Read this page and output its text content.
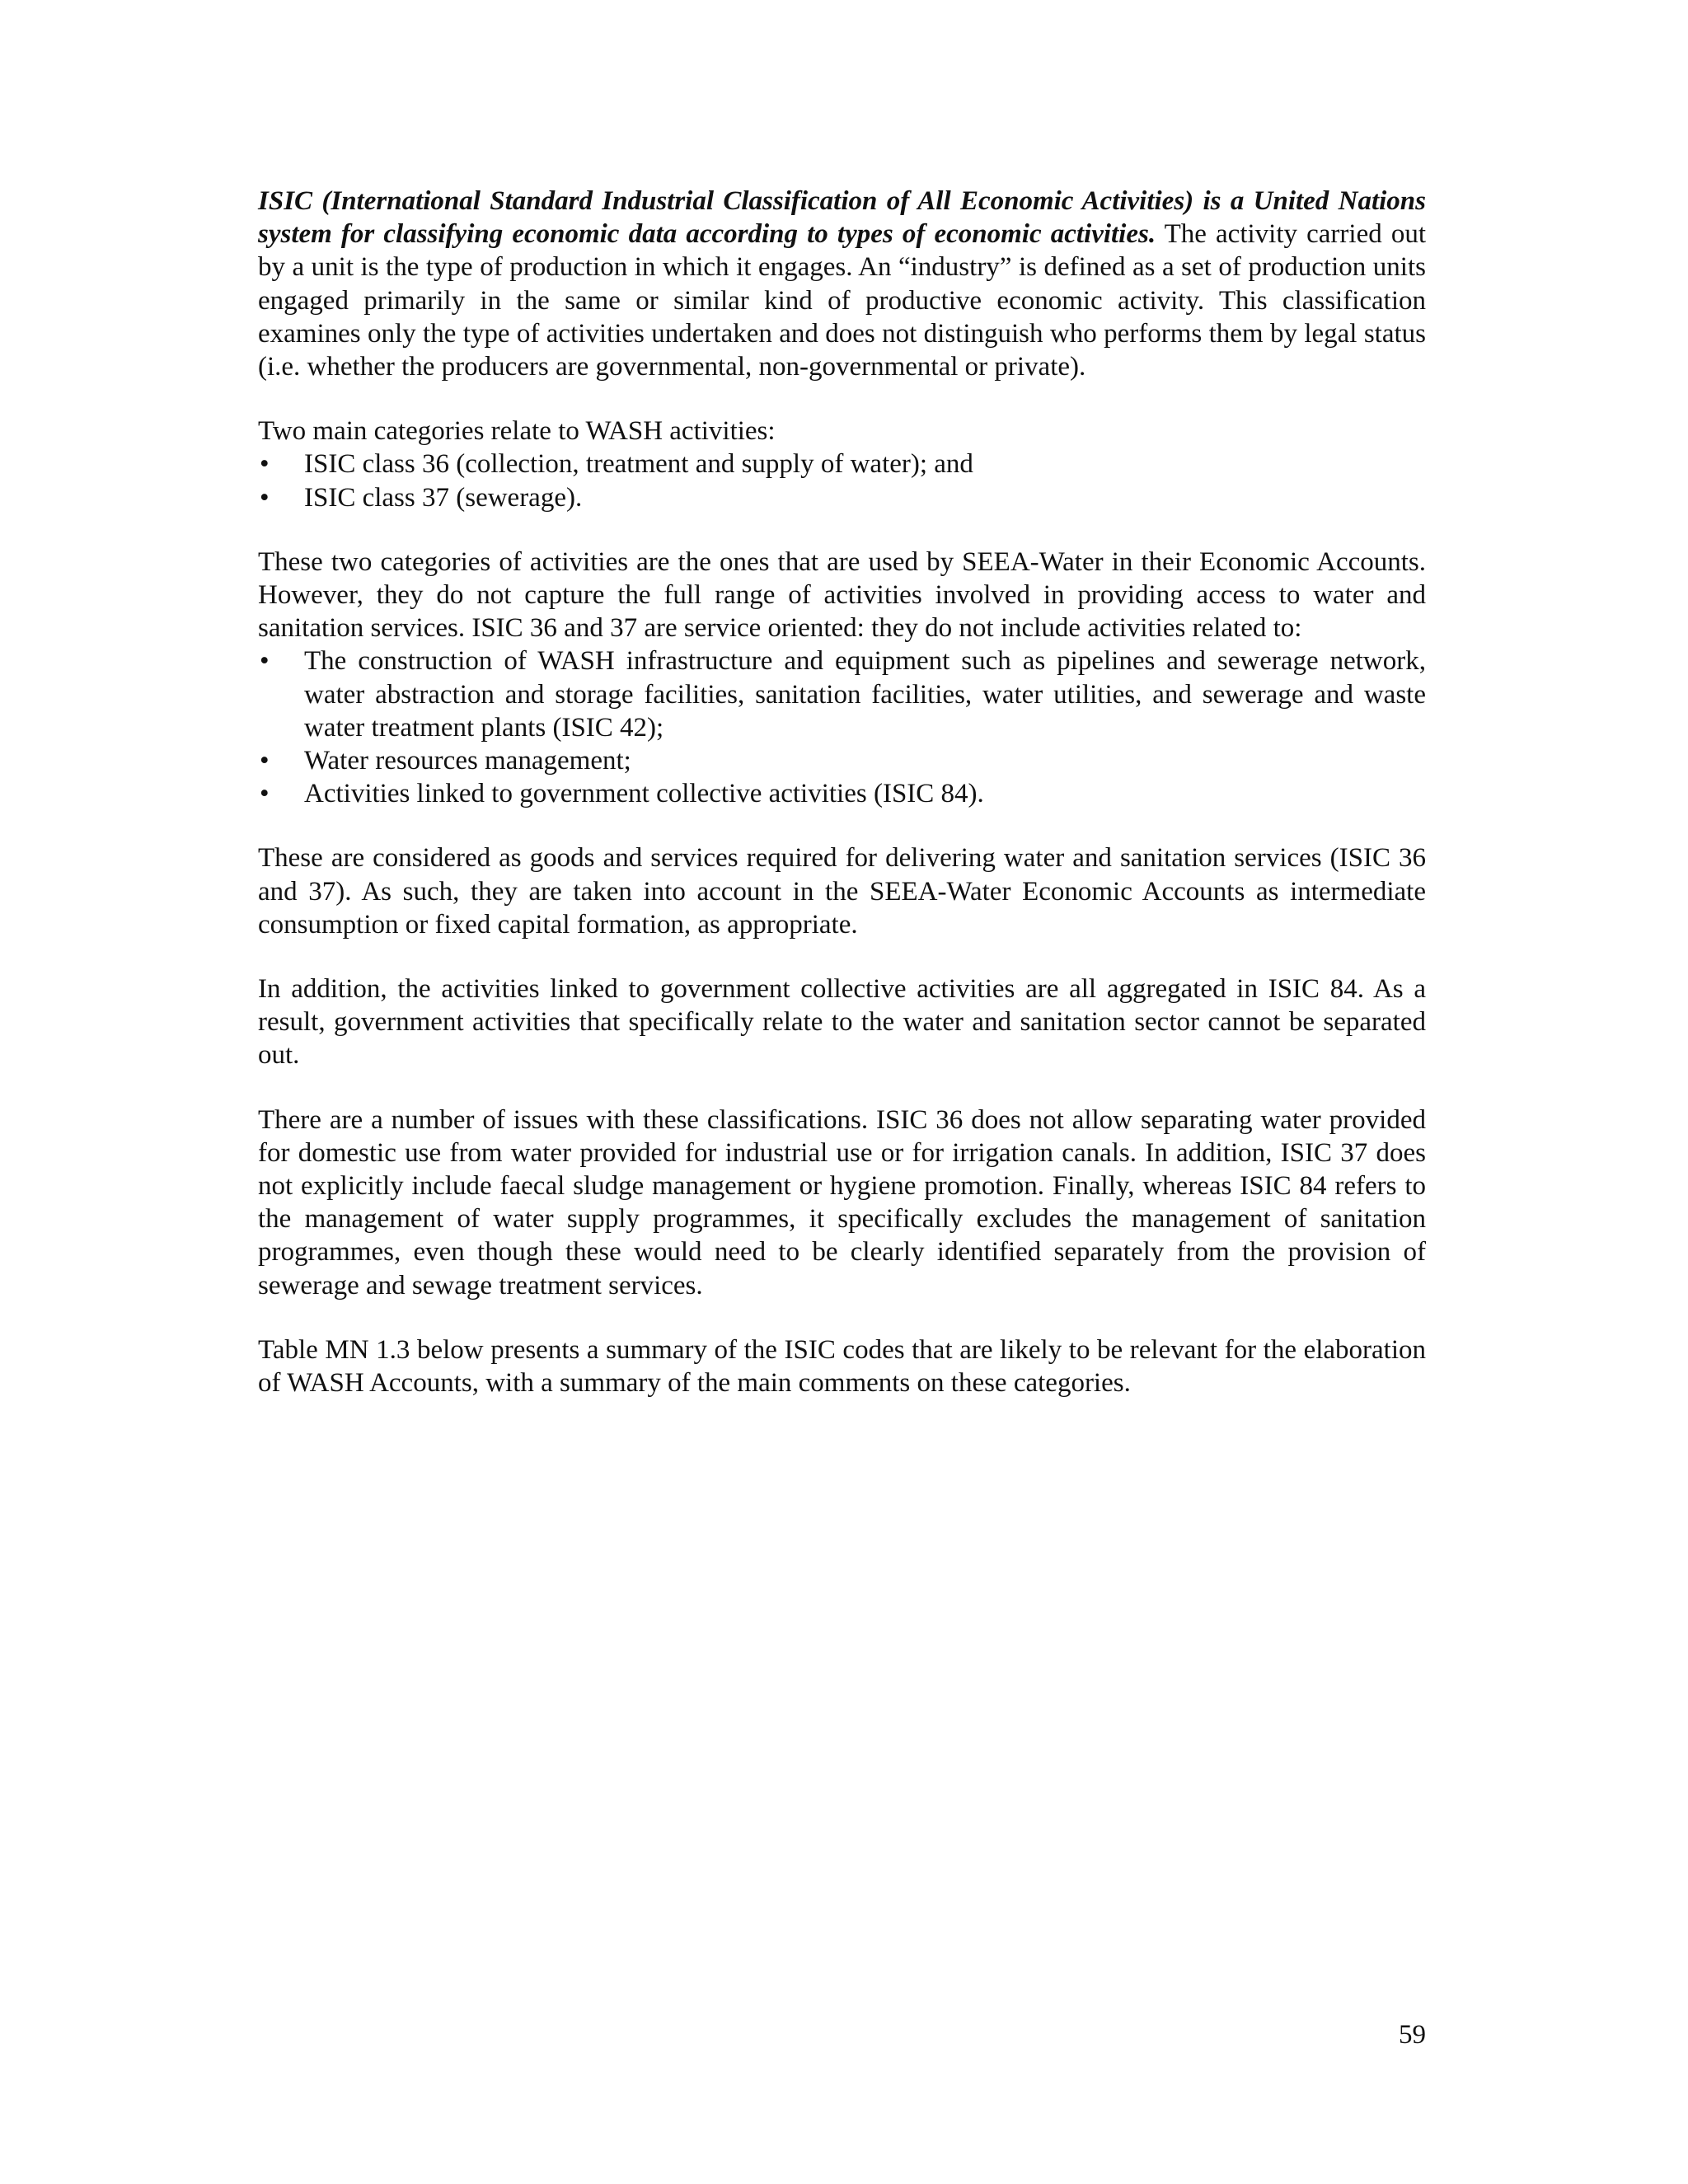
ISIC (International Standard Industrial Classification of All Economic Activities) is a United Nations system for classifying economic data according to types of economic activities. The activity carried out by a unit is the type of production in which it engages. An “industry” is defined as a set of production units engaged primarily in the same or similar kind of productive economic activity. This classification examines only the type of activities undertaken and does not distinguish who performs them by legal status (i.e. whether the producers are governmental, non-governmental or private).

Two main categories relate to WASH activities:

• ISIC class 36 (collection, treatment and supply of water); and
• ISIC class 37 (sewerage).

These two categories of activities are the ones that are used by SEEA-Water in their Economic Accounts. However, they do not capture the full range of activities involved in providing access to water and sanitation services. ISIC 36 and 37 are service oriented: they do not include activities related to:

• The construction of WASH infrastructure and equipment such as pipelines and sewerage network, water abstraction and storage facilities, sanitation facilities, water utilities, and sewerage and waste water treatment plants (ISIC 42);
• Water resources management;
• Activities linked to government collective activities (ISIC 84).

These are considered as goods and services required for delivering water and sanitation services (ISIC 36 and 37). As such, they are taken into account in the SEEA-Water Economic Accounts as intermediate consumption or fixed capital formation, as appropriate.

In addition, the activities linked to government collective activities are all aggregated in ISIC 84. As a result, government activities that specifically relate to the water and sanitation sector cannot be separated out.

There are a number of issues with these classifications. ISIC 36 does not allow separating water provided for domestic use from water provided for industrial use or for irrigation canals. In addition, ISIC 37 does not explicitly include faecal sludge management or hygiene promotion. Finally, whereas ISIC 84 refers to the management of water supply programmes, it specifically excludes the management of sanitation programmes, even though these would need to be clearly identified separately from the provision of sewerage and sewage treatment services.

Table MN 1.3 below presents a summary of the ISIC codes that are likely to be relevant for the elaboration of WASH Accounts, with a summary of the main comments on these categories.

59
